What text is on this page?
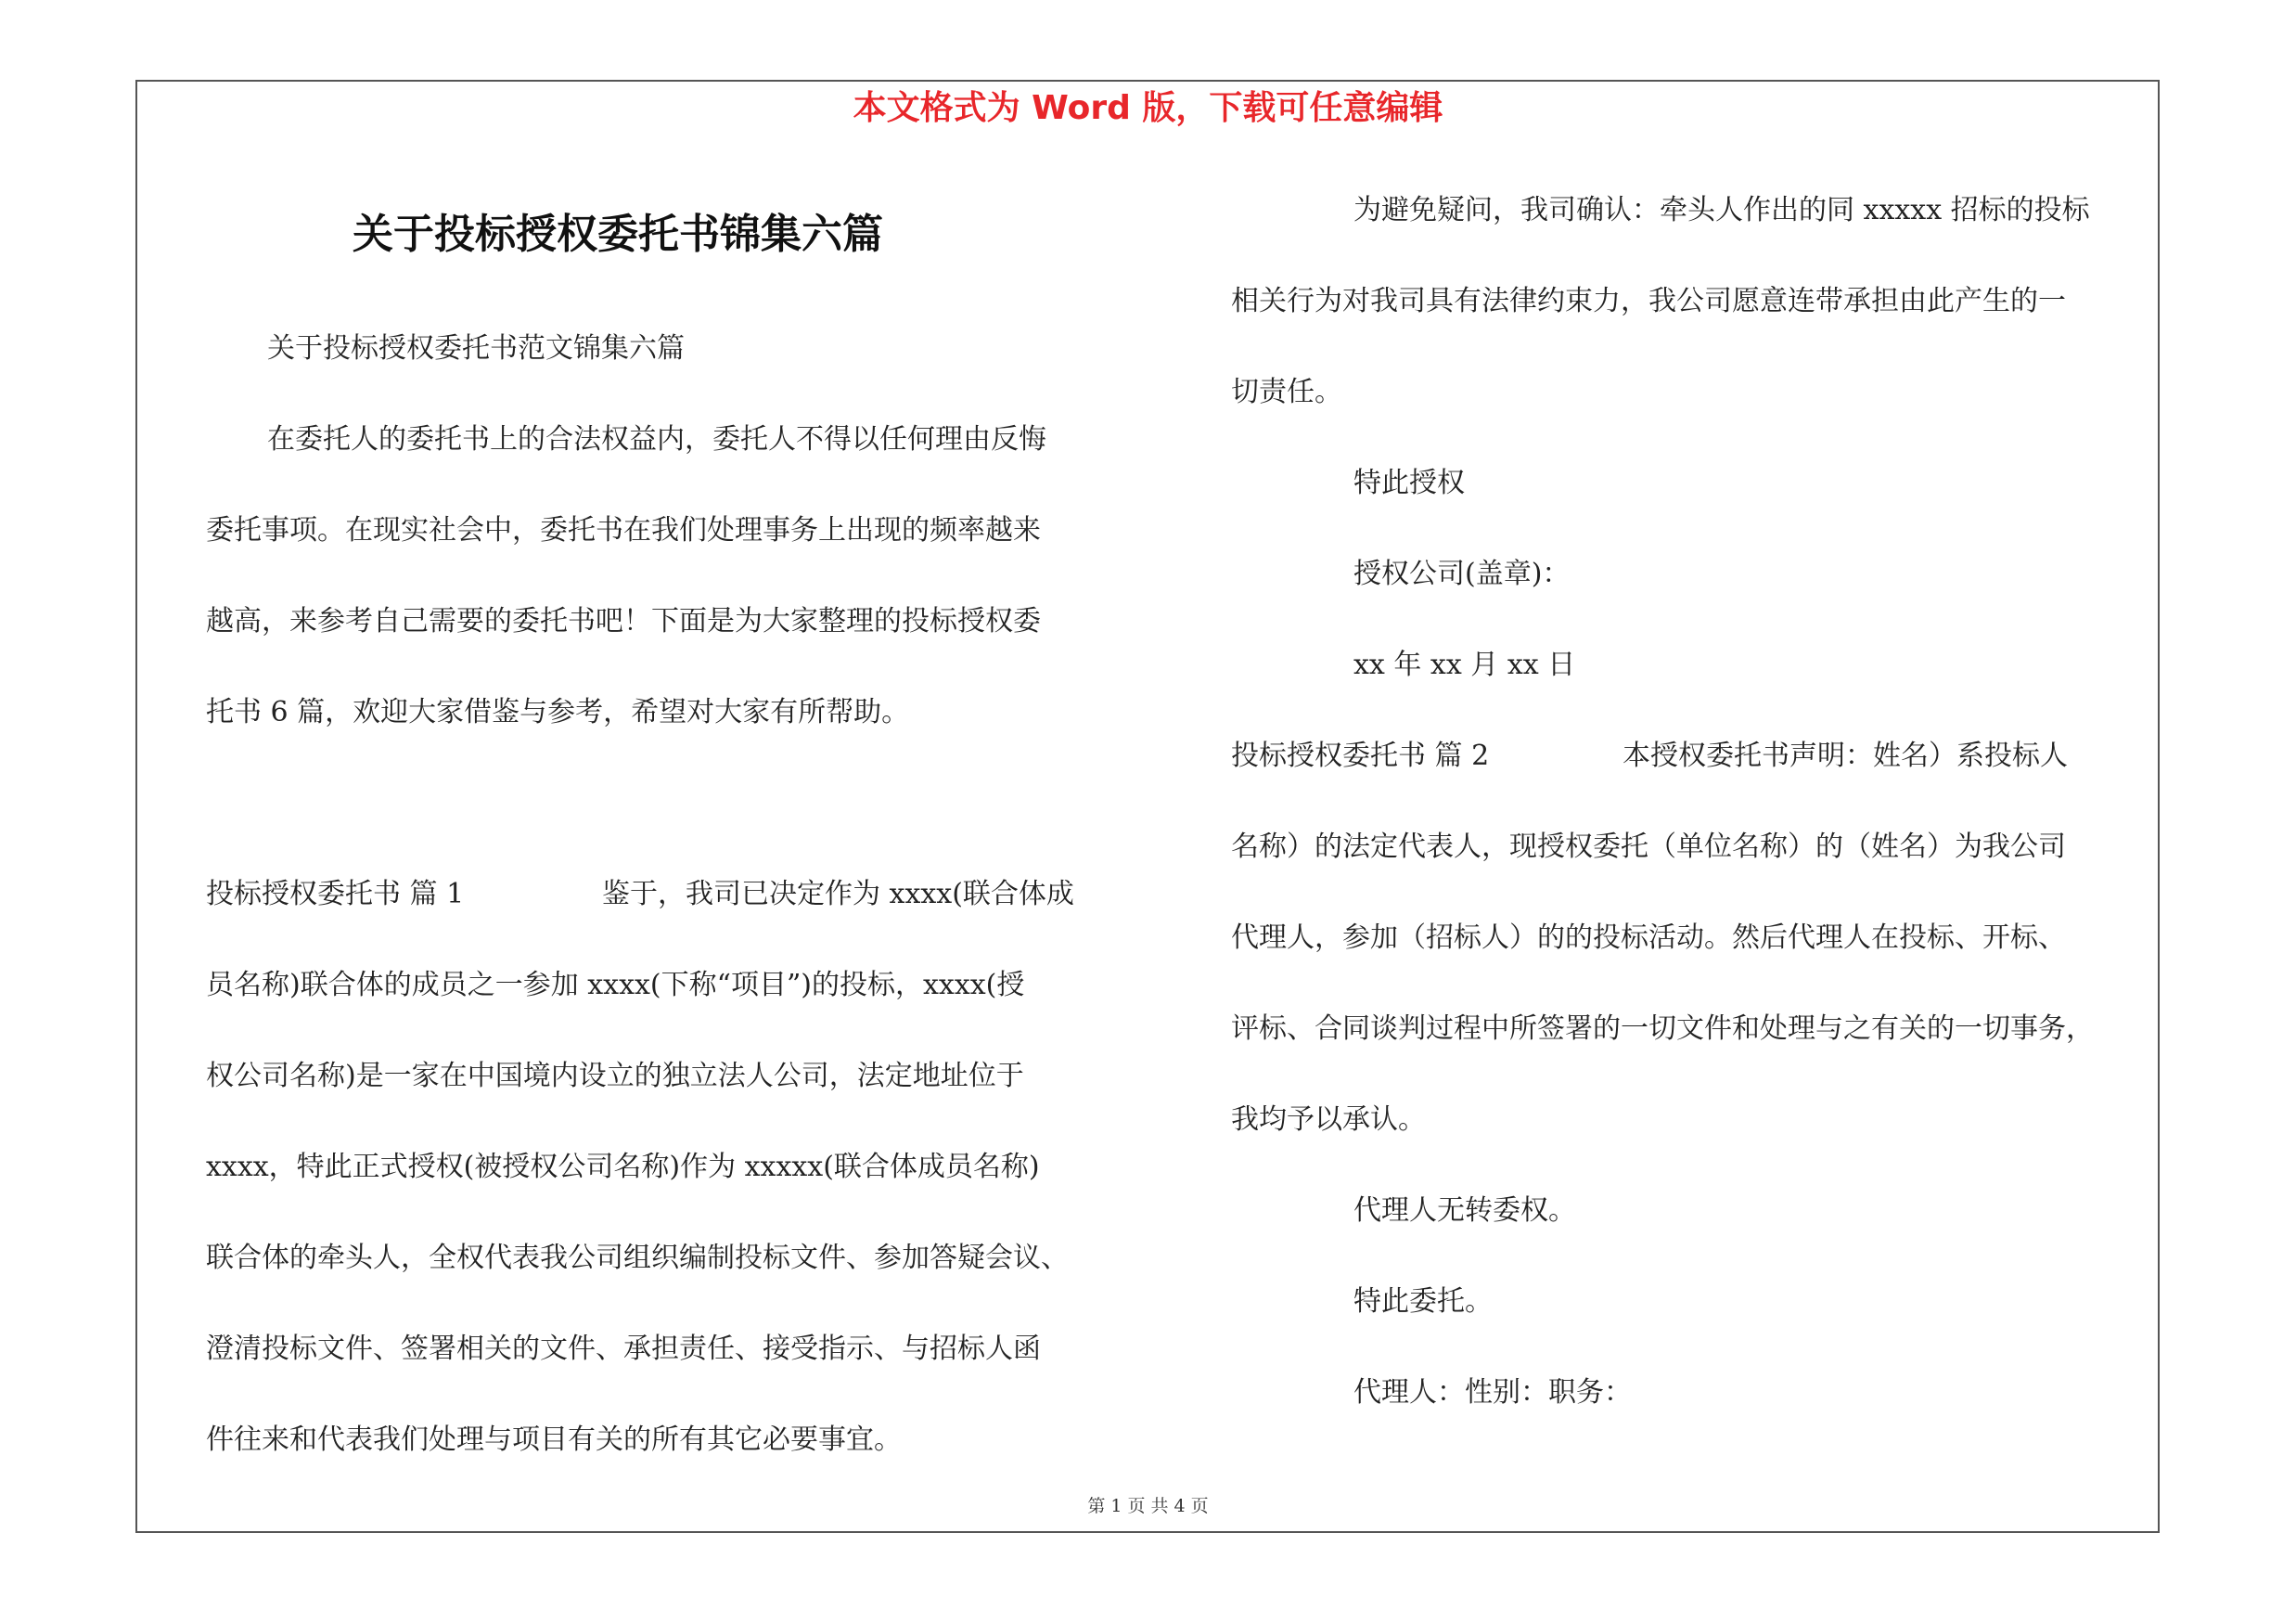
本文格式为 Word 版，下载可任意编辑
关于投标授权委托书锦集六篇

关于投标授权委托书范文锦集六篇

在委托人的委托书上的合法权益内，委托人不得以任何理由反悔

委托事项。在现实社会中，委托书在我们处理事务上出现的频率越来

越高，来参考自己需要的委托书吧！下面是为大家整理的投标授权委

托书 6 篇，欢迎大家借鉴与参考，希望对大家有所帮助。

投标授权委托书 篇 1	鉴于，我司已决定作为 xxxx(联合体成

员名称)联合体的成员之一参加 xxxx(下称“项目”)的投标，xxxx(授

权公司名称)是一家在中国境内设立的独立法人公司，法定地址位于

xxxx，特此正式授权(被授权公司名称)作为 xxxxx(联合体成员名称)

联合体的牵头人，全权代表我公司组织编制投标文件、参加答疑会议、

澄清投标文件、签署相关的文件、承担责任、接受指示、与招标人函

件往来和代表我们处理与项目有关的所有其它必要事宜。

为避免疑问，我司确认：牵头人作出的同 xxxxx 招标的投标

相关行为对我司具有法律约束力，我公司愿意连带承担由此产生的一

切责任。

特此授权

授权公司(盖章)：

xx 年 xx 月 xx 日

投标授权委托书 篇 2	本授权委托书声明：姓名）系投标人

名称）的法定代表人，现授权委托（单位名称）的（姓名）为我公司

代理人，参加（招标人）的的投标活动。然后代理人在投标、开标、

评标、合同谈判过程中所签署的一切文件和处理与之有关的一切事务，

我均予以承认。

代理人无转委权。

特此委托。

代理人：性别：职务：

第 1 页 共 4 页
